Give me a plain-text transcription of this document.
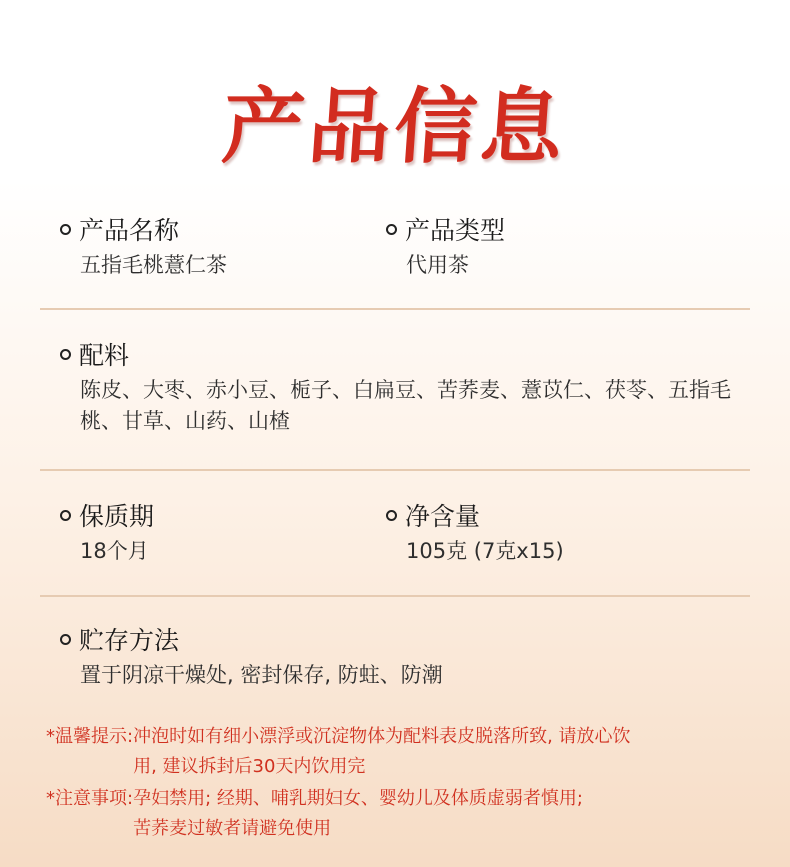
产品信息
产品名称
五指毛桃薏仁茶
产品类型
代用茶
配料
陈皮、大枣、赤小豆、栀子、白扁豆、苦荞麦、薏苡仁、茯苓、五指毛
桃、甘草、山药、山楂
保质期
18个月
净含量
105克 (7克x15)
贮存方法
置于阴凉干燥处, 密封保存, 防蛀、防潮
*温馨提示: 冲泡时如有细小漂浮或沉淀物体为配料表皮脱落所致, 请放心饮
用, 建议拆封后30天内饮用完
*注意事项: 孕妇禁用; 经期、哺乳期妇女、婴幼儿及体质虚弱者慎用;
苦荞麦过敏者请避免使用
